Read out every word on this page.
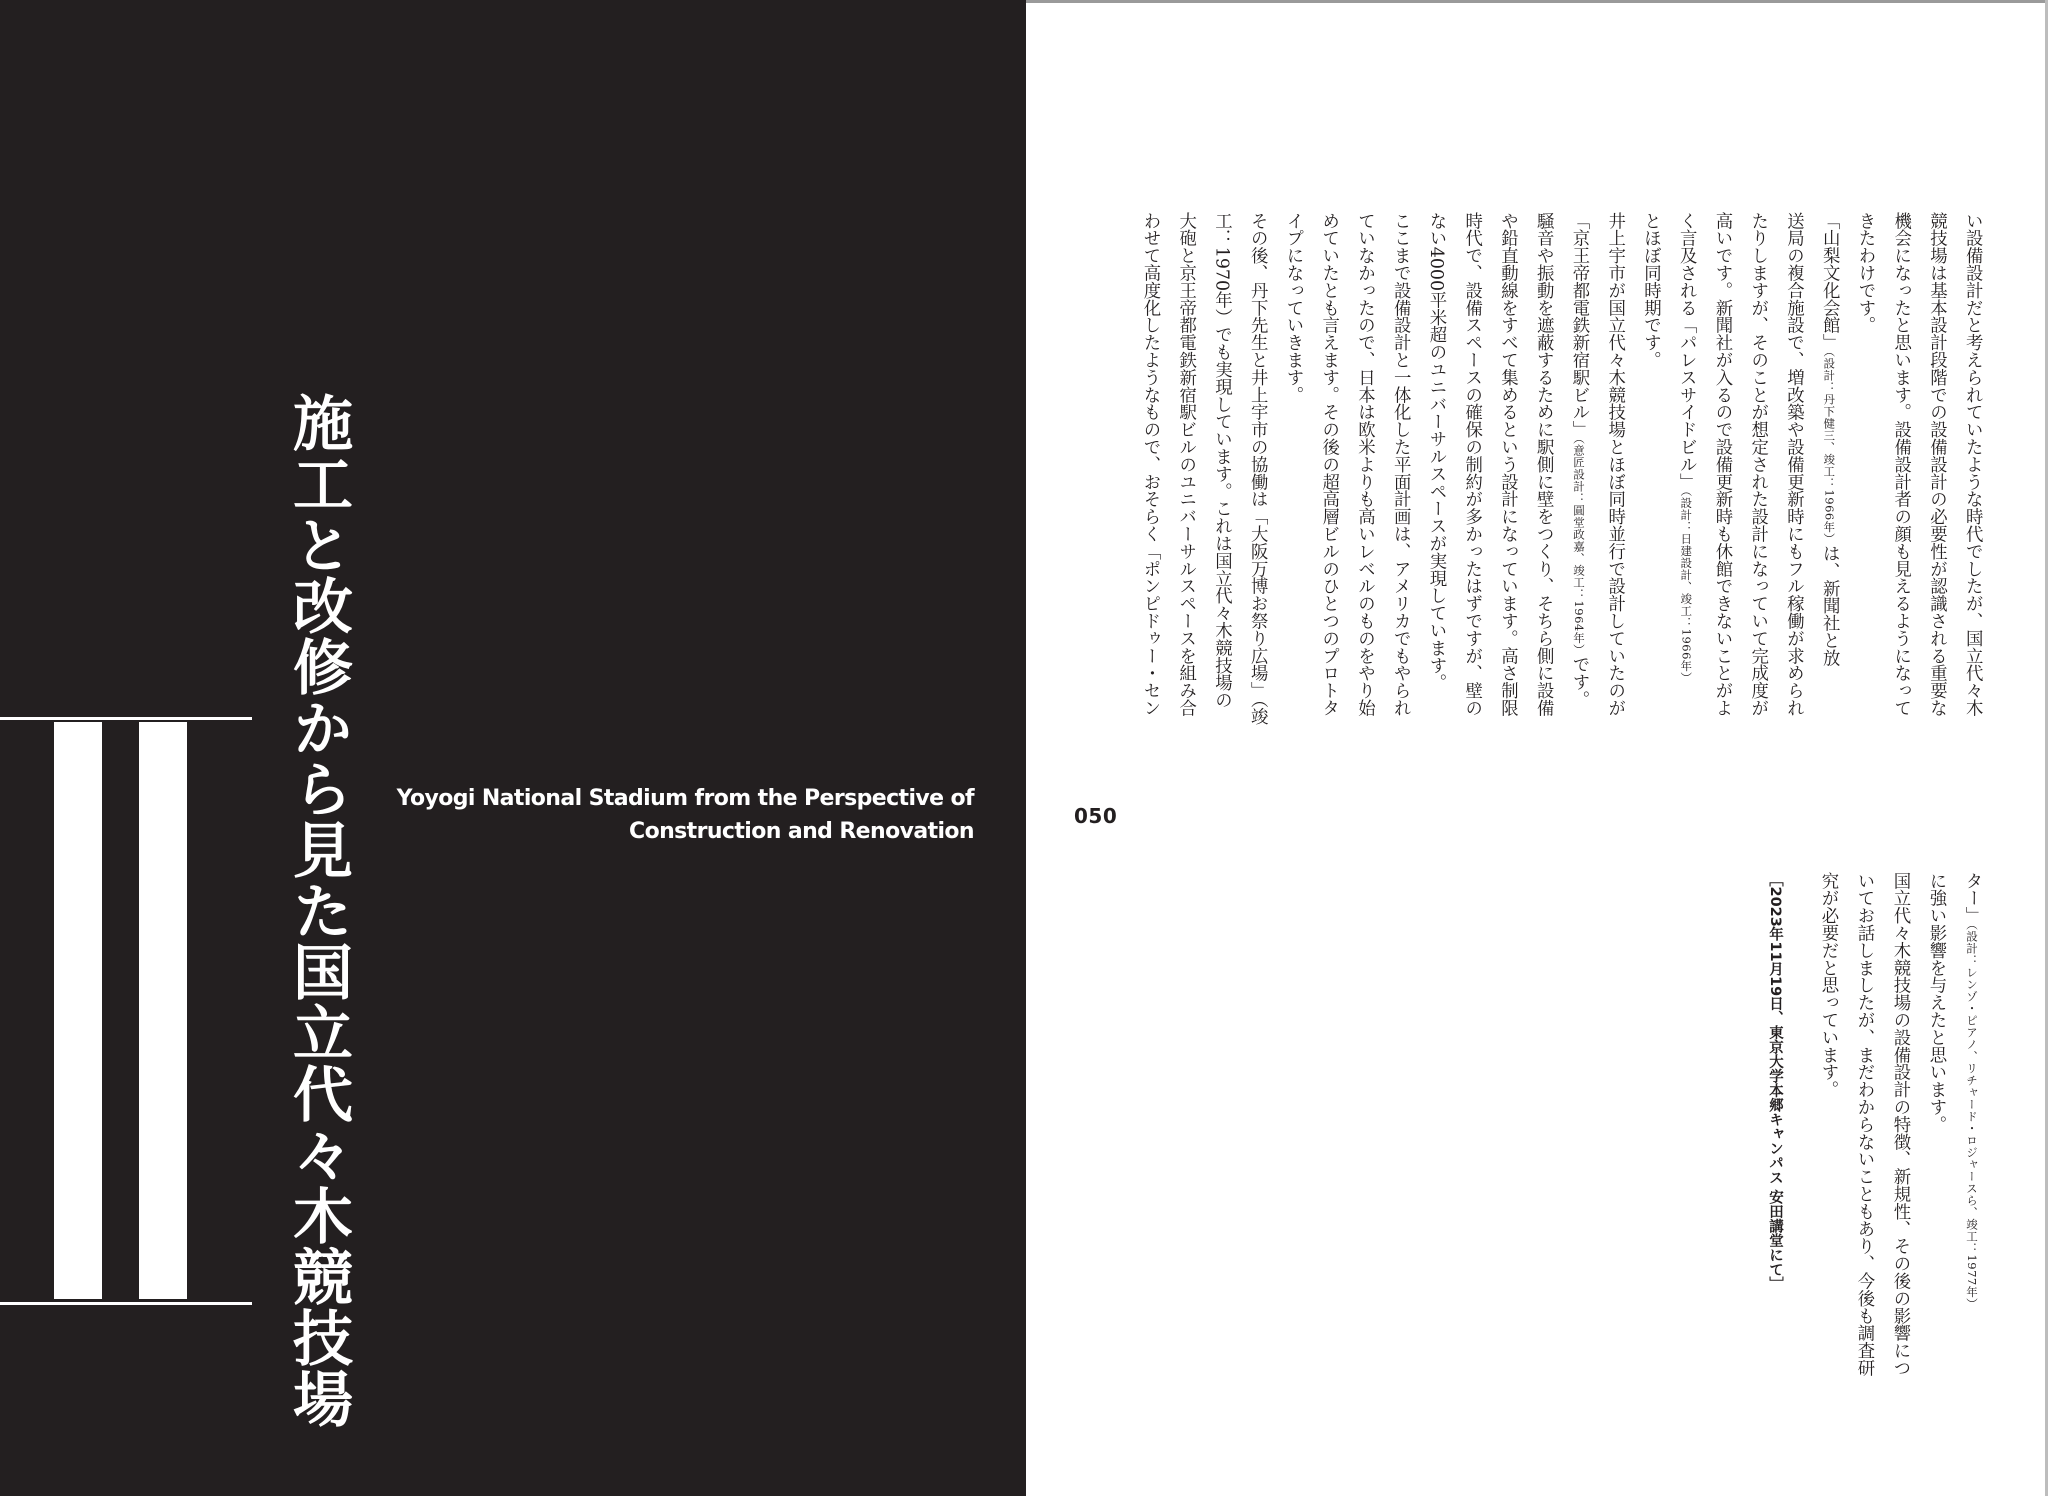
施工と改修から見た国立代々木競技場	Yoyogi National Stadium from the Perspective of
Construction and Renovation
050
い設備設計だと考えられていたような時代でしたが、国立代々木
競技場は基本設計段階での設備設計の必要性が認識される重要な
機会になったと思います。設備設計者の顔も見えるようになって
きたわけです。
「山梨文化会館」（設計：丹下健三、竣工：1966年）は、新聞社と放
送局の複合施設で、増改築や設備更新時にもフル稼働が求められ
たりしますが、そのことが想定された設計になっていて完成度が
高いです。新聞社が入るので設備更新時も休館できないことがよ
く言及される「パレスサイドビル」（設計：日建設計、竣工：1966年）
とほぼ同時期です。
井上宇市が国立代々木競技場とほぼ同時並行で設計していたのが
「京王帝都電鉄新宿駅ビル」（意匠設計：圓堂政嘉、竣工：1964年）です。
騒音や振動を遮蔽するために駅側に壁をつくり、そちら側に設備
や鉛直動線をすべて集めるという設計になっています。高さ制限
時代で、設備スペースの確保の制約が多かったはずですが、壁の
ない4000平米超のユニバーサルスペースが実現しています。
ここまで設備設計と一体化した平面計画は、アメリカでもやられ
ていなかったので、日本は欧米よりも高いレベルのものをやり始
めていたとも言えます。その後の超高層ビルのひとつのプロトタ
イプになっていきます。
その後、丹下先生と井上宇市の協働は「大阪万博お祭り広場」（竣
工：1970年）でも実現しています。これは国立代々木競技場の
大砲と京王帝都電鉄新宿駅ビルのユニバーサルスペースを組み合
わせて高度化したようなもので、おそらく「ポンピドゥー・セン
ター」（設計：レンゾ・ピアノ、リチャード・ロジャースら、竣工：1977年）
に強い影響を与えたと思います。
国立代々木競技場の設備設計の特徴、新規性、その後の影響につ
いてお話しましたが、まだわからないこともあり、今後も調査研
究が必要だと思っています。
［2023年11月19日、東京大学本郷キャンパス 安田講堂にて］
